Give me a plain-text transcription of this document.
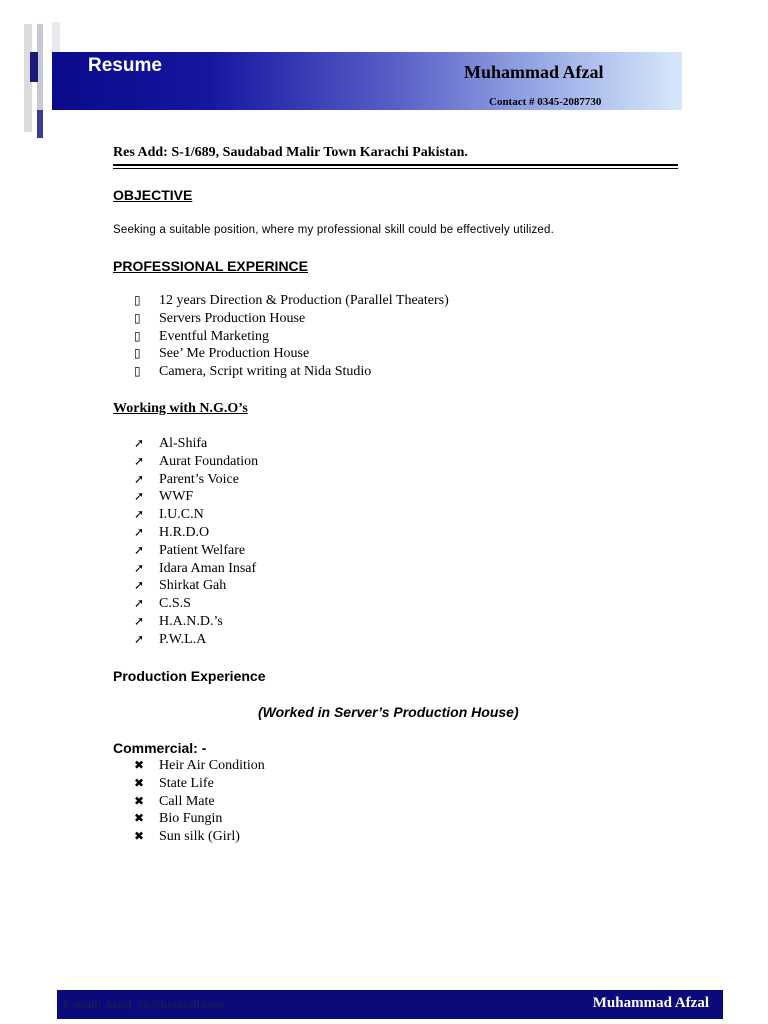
Resume	Muhammad Afzal
Contact # 0345-2087730
Res Add: S-1/689, Saudabad Malir Town Karachi Pakistan.
OBJECTIVE
Seeking a suitable position, where my professional skill could be effectively utilized.
PROFESSIONAL EXPERINCE
▯ 12 years Direction & Production (Parallel Theaters)
▯ Servers Production House
▯ Eventful Marketing
▯ See’ Me Production House
▯ Camera, Script writing at Nida Studio
Working with N.G.O’s
➚ Al-Shifa
➚ Aurat Foundation
➚ Parent’s Voice
➚ WWF
➚ I.U.C.N
➚ H.R.D.O
➚ Patient Welfare
➚ Idara Aman Insaf
➚ Shirkat Gah
➚ C.S.S
➚ H.A.N.D.’s
➚ P.W.L.A
Production Experience
(Worked in Server’s Production House)
Commercial: -
✖ Heir Air Condition
✖ State Life
✖ Call Mate
✖ Bio Fungin
✖ Sun silk (Girl)
E-mail: Afzal_66@hotmail.com	Muhammad Afzal
